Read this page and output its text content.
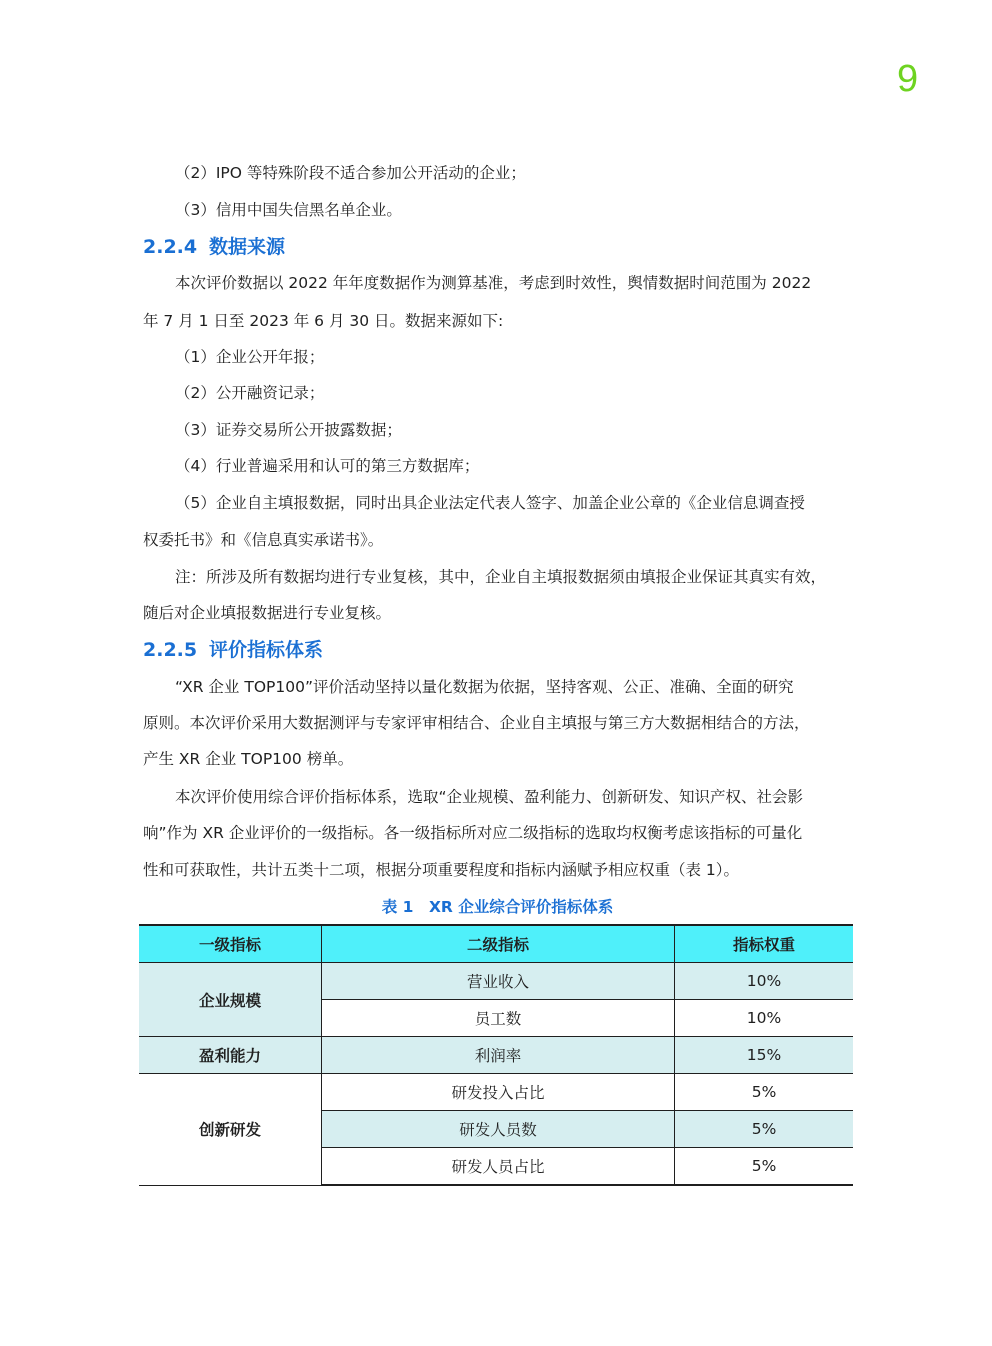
9
（2）IPO 等特殊阶段不适合参加公开活动的企业；
（3）信用中国失信黑名单企业。
2.2.4 数据来源
本次评价数据以 2022 年年度数据作为测算基准，考虑到时效性，舆情数据时间范围为 2022
年 7 月 1 日至 2023 年 6 月 30 日。数据来源如下:
（1）企业公开年报；
（2）公开融资记录；
（3）证券交易所公开披露数据；
（4）行业普遍采用和认可的第三方数据库；
（5）企业自主填报数据，同时出具企业法定代表人签字、加盖企业公章的《企业信息调查授
权委托书》和《信息真实承诺书》。
注：所涉及所有数据均进行专业复核，其中，企业自主填报数据须由填报企业保证其真实有效，
随后对企业填报数据进行专业复核。
2.2.5 评价指标体系
“XR 企业 TOP100”评价活动坚持以量化数据为依据，坚持客观、公正、准确、全面的研究
原则。本次评价采用大数据测评与专家评审相结合、企业自主填报与第三方大数据相结合的方法，
产生 XR 企业 TOP100 榜单。
本次评价使用综合评价指标体系，选取“企业规模、盈利能力、创新研发、知识产权、社会影
响”作为 XR 企业评价的一级指标。各一级指标所对应二级指标的选取均权衡考虑该指标的可量化
性和可获取性，共计五类十二项，根据分项重要程度和指标内涵赋予相应权重（表 1）。
表 1　XR 企业综合评价指标体系
一级指标	二级指标	指标权重
企业规模	营业收入	10%
	员工数	10%
盈利能力	利润率	15%
创新研发	研发投入占比	5%
	研发人员数	5%
	研发人员占比	5%
